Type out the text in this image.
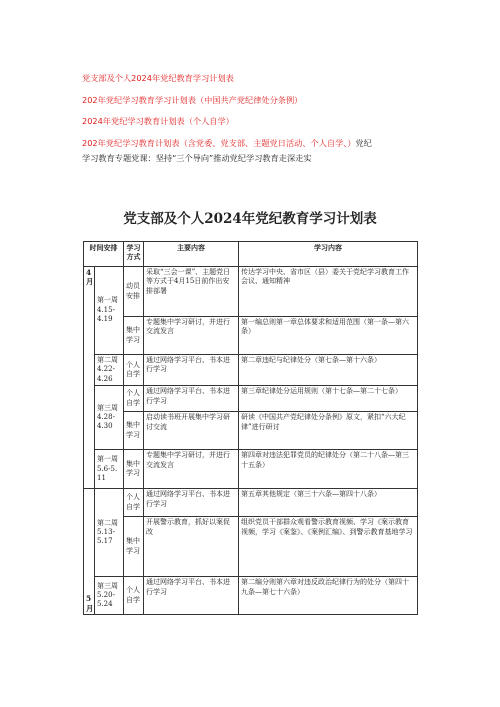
党支部及个人2024年党纪教育学习计划表
202年党纪学习教育学习计划表（中国共产党纪律处分条例）
2024年党纪学习教育计划表（个人自学）
202年党纪学习教育计划表（含党委、党支部、主题党日活动、个人自学、）党纪
学习教育专题党课：坚持“三个导向”推动党纪学习教育走深走实
党支部及个人2024年党纪教育学习计划表
时间安排		学习方式	主要内容	学习内容
4月	第一周4.15-4.19	动员安排	采取“三会一课”、主题党日等方式于4月15日前作出安排部署	传达学习中央、省市区（县）委关于党纪学习教育工作会议、通知精神
		集中学习	专题集中学习研讨，并进行交流发言	第一编总则第一章总体要求和适用范围（第一条—第六条）
	第二周4.22-4.26	个人自学	通过网络学习平台、书本进行学习	第二章违纪与纪律处分（第七条—第十六条）
	第三周4.28-4.30	个人自学	通过网络学习平台、书本进行学习	第三章纪律处分运用规则（第十七条—第二十七条）
		集中学习	启动读书班开展集中学习研讨交流	研读《中国共产党纪律处分条例》原文，紧扣“六大纪律”进行研讨
	第一周5.6-5.11	集中学习	专题集中学习研讨，并进行交流发言	第四章对违法犯罪党员的纪律处分（第二十八条—第三十五条）
5月	第二周5.13-5.17	个人自学	通过网络学习平台、书本进行学习	第五章其他规定（第三十六条—第四十八条）
		集中学习	开展警示教育，抓好以案促改	组织党员干部群众观看警示教育视频、学习《案示教育视频，学习《案鉴》、《案例汇编》、到警示教育基地学习
	第三周5.20-5.24	个人自学	通过网络学习平台、书本进行学习	第二编分则第六章对违反政治纪律行为的处分（第四十九条—第七十六条）
